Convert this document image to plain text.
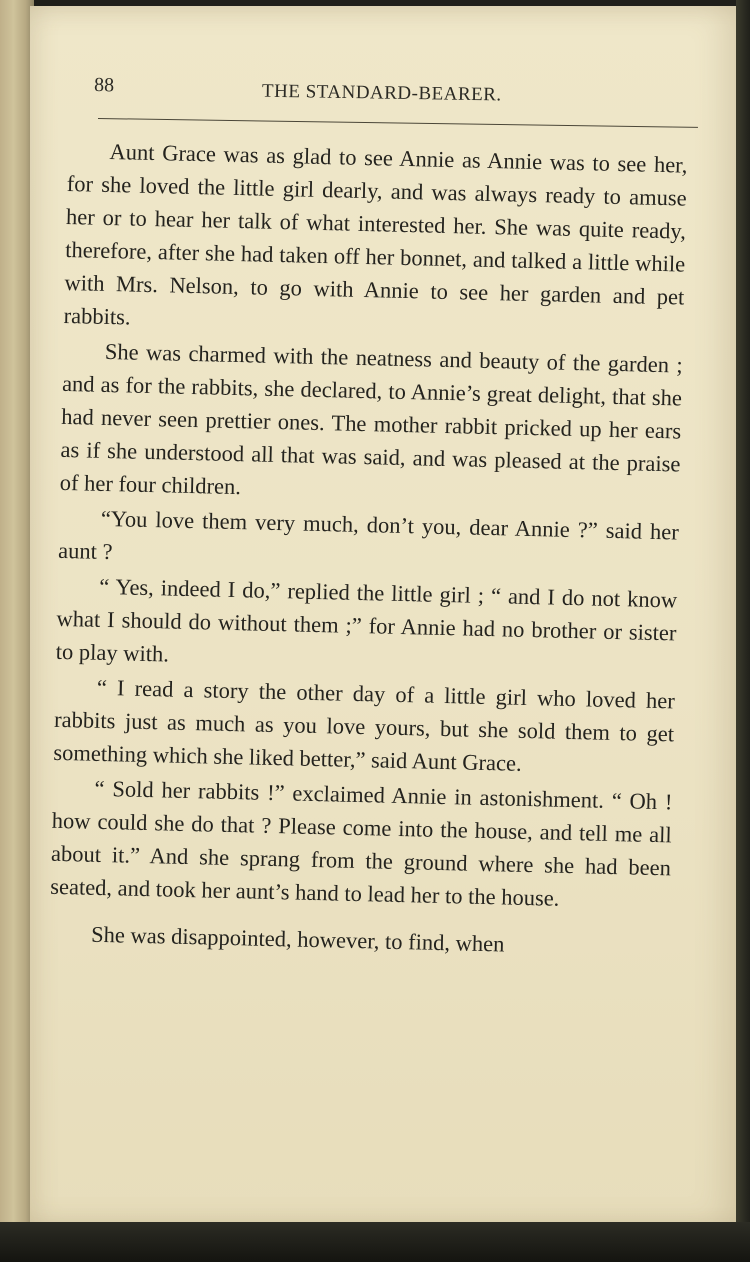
88	THE STANDARD-BEARER.

Aunt Grace was as glad to see Annie as Annie was to see her, for she loved the little girl dearly, and was always ready to amuse her or to hear her talk of what interested her. She was quite ready, therefore, after she had taken off her bonnet, and talked a little while with Mrs. Nelson, to go with Annie to see her garden and pet rabbits.

She was charmed with the neatness and beauty of the garden ; and as for the rabbits, she declared, to Annie’s great delight, that she had never seen prettier ones. The mother rabbit pricked up her ears as if she understood all that was said, and was pleased at the praise of her four children.

“You love them very much, don’t you, dear Annie ?” said her aunt ?

“ Yes, indeed I do,” replied the little girl ; “ and I do not know what I should do without them ;” for Annie had no brother or sister to play with.

“ I read a story the other day of a little girl who loved her rabbits just as much as you love yours, but she sold them to get something which she liked better,” said Aunt Grace.

“ Sold her rabbits !” exclaimed Annie in astonishment. “ Oh ! how could she do that ? Please come into the house, and tell me all about it.” And she sprang from the ground where she had been seated, and took her aunt’s hand to lead her to the house.

She was disappointed, however, to find, when
